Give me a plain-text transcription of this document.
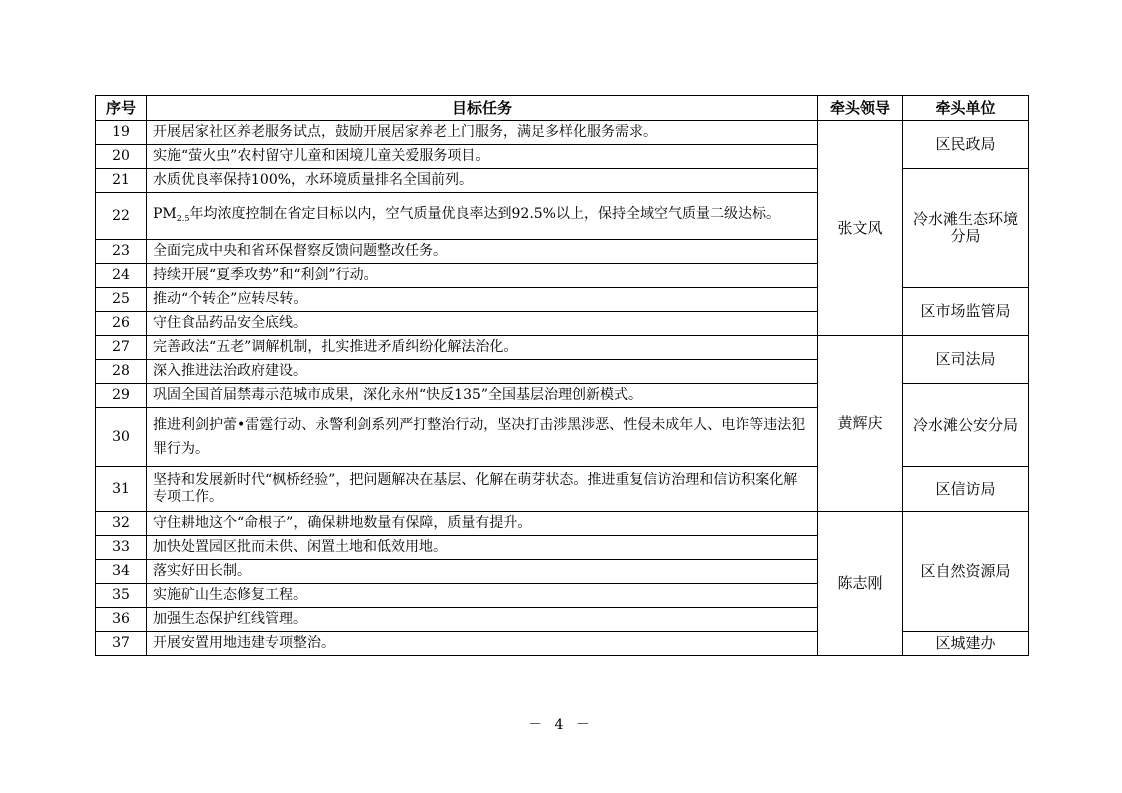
序号	目标任务	牵头领导	牵头单位
19	开展居家社区养老服务试点，鼓励开展居家养老上门服务，满足多样化服务需求。	张文风	区民政局
20	实施“萤火虫”农村留守儿童和困境儿童关爱服务项目。		
21	水质优良率保持100%，水环境质量排名全国前列。		冷水滩生态环境分局
22	$PM_{2.5}$年均浓度控制在省定目标以内，空气质量优良率达到92.5%以上，保持全域空气质量二级达标。		
23	全面完成中央和省环保督察反馈问题整改任务。		
24	持续开展“夏季攻势”和“利剑”行动。		
25	推动“个转企”应转尽转。		区市场监管局
26	守住食品药品安全底线。		
27	完善政法“五老”调解机制，扎实推进矛盾纠纷化解法治化。	黄辉庆	区司法局
28	深入推进法治政府建设。		
29	巩固全国首届禁毒示范城市成果，深化永州“快反135”全国基层治理创新模式。		冷水滩公安分局
30	推进利剑护蕾•雷霆行动、永警利剑系列严打整治行动，坚决打击涉黑涉恶、性侵未成年人、电诈等违法犯罪行为。		
31	坚持和发展新时代“枫桥经验”，把问题解决在基层、化解在萌芽状态。推进重复信访治理和信访积案化解专项工作。		区信访局
32	守住耕地这个“命根子”，确保耕地数量有保障，质量有提升。	陈志刚	区自然资源局
33	加快处置园区批而未供、闲置土地和低效用地。		
34	落实好田长制。		
35	实施矿山生态修复工程。		
36	加强生态保护红线管理。		
37	开展安置用地违建专项整治。		区城建办
－ 4 －
